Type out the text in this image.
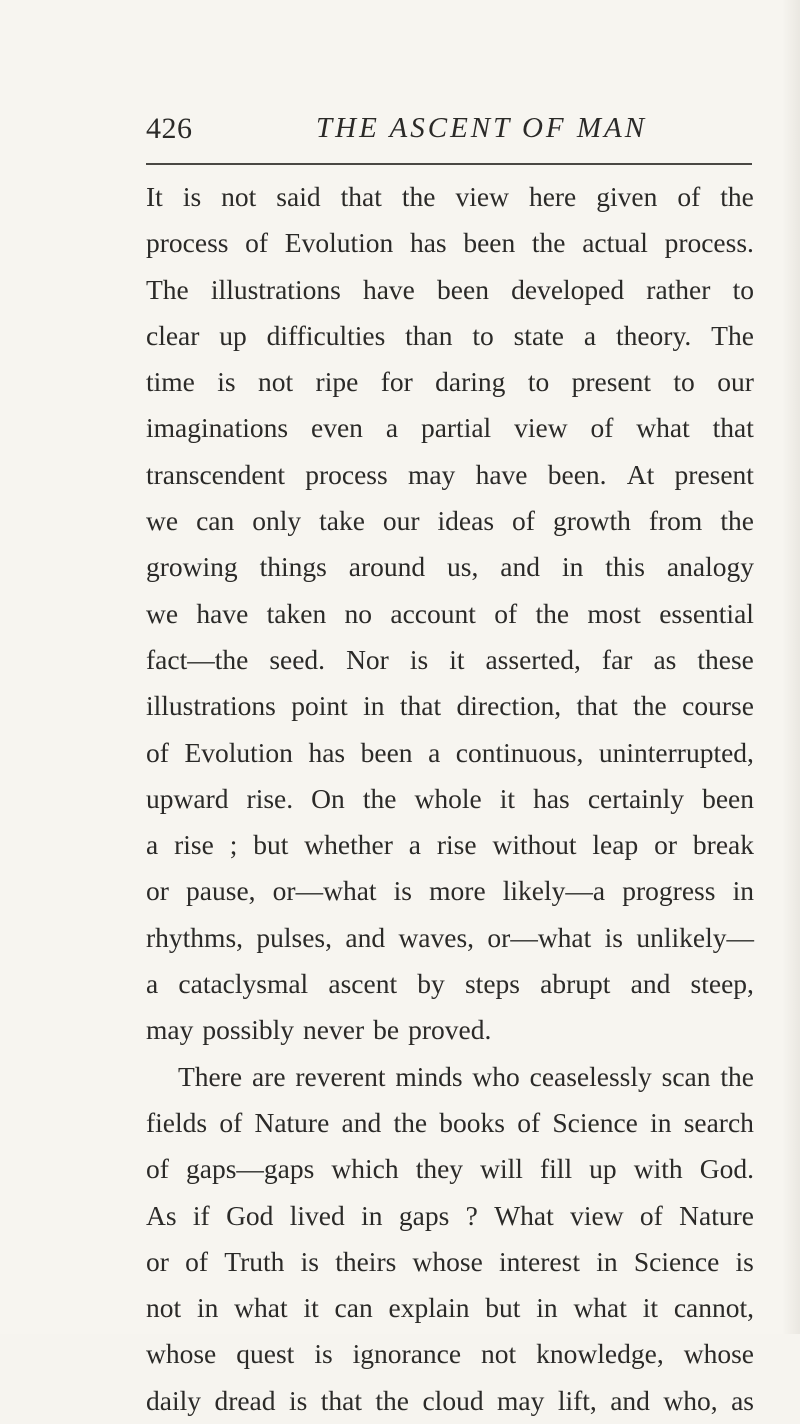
426	THE ASCENT OF MAN
It is not said that the view here given of the
process of Evolution has been the actual process.
The illustrations have been developed rather to
clear up difficulties than to state a theory. The
time is not ripe for daring to present to our
imaginations even a partial view of what that
transcendent process may have been. At present
we can only take our ideas of growth from the
growing things around us, and in this analogy
we have taken no account of the most essential
fact—the seed. Nor is it asserted, far as these
illustrations point in that direction, that the course
of Evolution has been a continuous, uninterrupted,
upward rise. On the whole it has certainly been
a rise ; but whether a rise without leap or break
or pause, or—what is more likely—a progress in
rhythms, pulses, and waves, or—what is unlikely—
a cataclysmal ascent by steps abrupt and steep,
may possibly never be proved.
There are reverent minds who ceaselessly scan the
fields of Nature and the books of Science in search
of gaps—gaps which they will fill up with God.
As if God lived in gaps ? What view of Nature
or of Truth is theirs whose interest in Science is
not in what it can explain but in what it cannot,
whose quest is ignorance not knowledge, whose
daily dread is that the cloud may lift, and who, as
